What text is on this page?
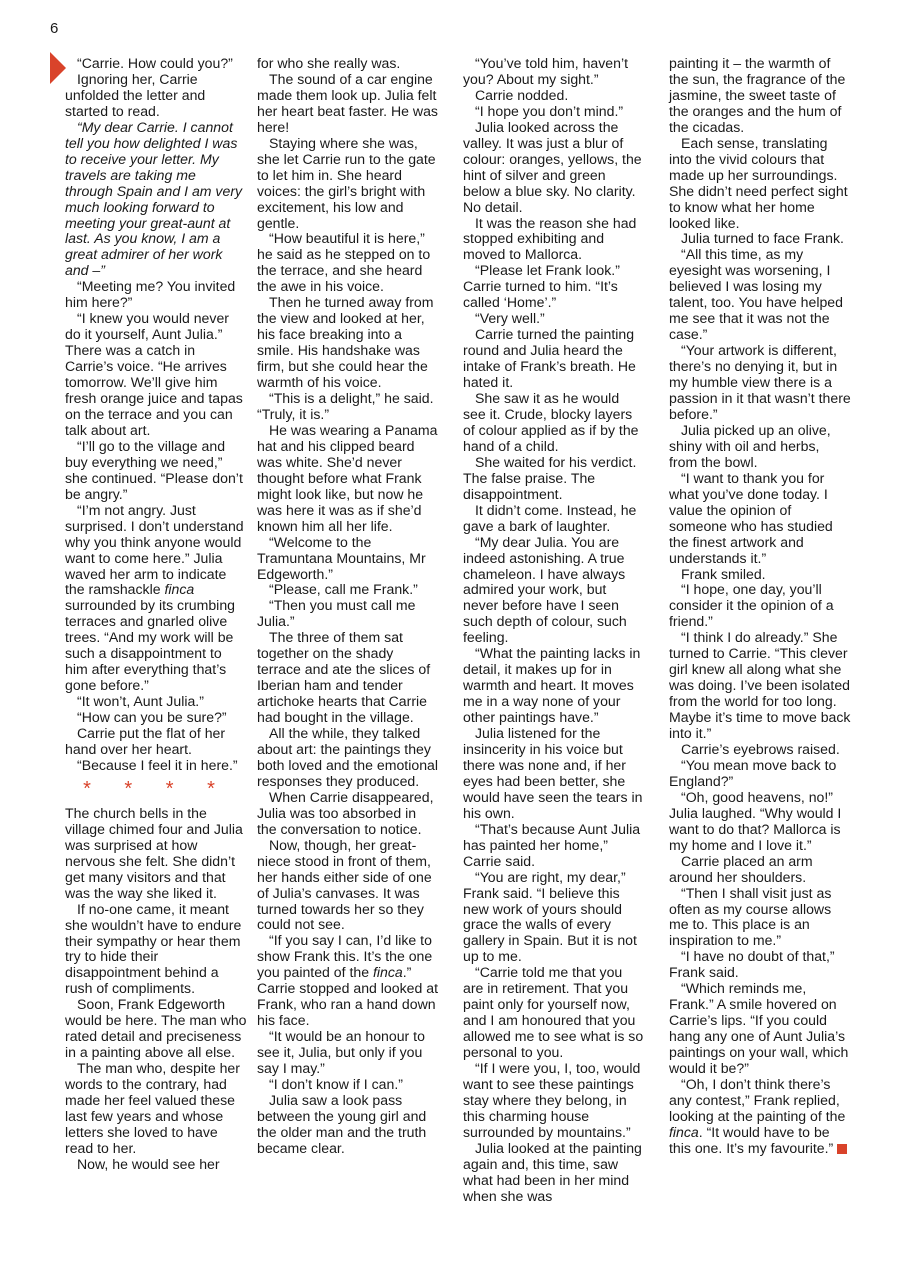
6

“Carrie. How could you?”

Ignoring her, Carrie unfolded the letter and started to read.

“My dear Carrie. I cannot tell you how delighted I was to receive your letter. My travels are taking me through Spain and I am very much looking forward to meeting your great-aunt at last. As you know, I am a great admirer of her work and –”

“Meeting me? You invited him here?”

“I knew you would never do it yourself, Aunt Julia.” There was a catch in Carrie’s voice. “He arrives tomorrow. We’ll give him fresh orange juice and tapas on the terrace and you can talk about art.

“I’ll go to the village and buy everything we need,” she continued. “Please don’t be angry.”

“I’m not angry. Just surprised. I don’t understand why you think anyone would want to come here.” Julia waved her arm to indicate the ramshackle finca surrounded by its crumbing terraces and gnarled olive trees. “And my work will be such a disappointment to him after everything that’s gone before.”

“It won’t, Aunt Julia.”

“How can you be sure?”

Carrie put the flat of her hand over her heart.

“Because I feel it in here.”

* * * *

The church bells in the village chimed four and Julia was surprised at how nervous she felt. She didn’t get many visitors and that was the way she liked it.

If no-one came, it meant she wouldn’t have to endure their sympathy or hear them try to hide their disappointment behind a rush of compliments.

Soon, Frank Edgeworth would be here. The man who rated detail and preciseness in a painting above all else.

The man who, despite her words to the contrary, had made her feel valued these last few years and whose letters she loved to have read to her.

Now, he would see her

for who she really was.

The sound of a car engine made them look up. Julia felt her heart beat faster. He was here!

Staying where she was, she let Carrie run to the gate to let him in. She heard voices: the girl’s bright with excitement, his low and gentle.

“How beautiful it is here,” he said as he stepped on to the terrace, and she heard the awe in his voice.

Then he turned away from the view and looked at her, his face breaking into a smile. His handshake was firm, but she could hear the warmth of his voice.

“This is a delight,” he said. “Truly, it is.”

He was wearing a Panama hat and his clipped beard was white. She’d never thought before what Frank might look like, but now he was here it was as if she’d known him all her life.

“Welcome to the Tramuntana Mountains, Mr Edgeworth.”

“Please, call me Frank.”

“Then you must call me Julia.”

The three of them sat together on the shady terrace and ate the slices of Iberian ham and tender artichoke hearts that Carrie had bought in the village.

All the while, they talked about art: the paintings they both loved and the emotional responses they produced.

When Carrie disappeared, Julia was too absorbed in the conversation to notice.

Now, though, her great-niece stood in front of them, her hands either side of one of Julia’s canvases. It was turned towards her so they could not see.

“If you say I can, I’d like to show Frank this. It’s the one you painted of the finca.” Carrie stopped and looked at Frank, who ran a hand down his face.

“It would be an honour to see it, Julia, but only if you say I may.”

“I don’t know if I can.”

Julia saw a look pass between the young girl and the older man and the truth became clear.

“You’ve told him, haven’t you? About my sight.”

Carrie nodded.

“I hope you don’t mind.”

Julia looked across the valley. It was just a blur of colour: oranges, yellows, the hint of silver and green below a blue sky. No clarity. No detail.

It was the reason she had stopped exhibiting and moved to Mallorca.

“Please let Frank look.” Carrie turned to him. “It’s called ‘Home’.”

“Very well.”

Carrie turned the painting round and Julia heard the intake of Frank’s breath. He hated it.

She saw it as he would see it. Crude, blocky layers of colour applied as if by the hand of a child.

She waited for his verdict. The false praise. The disappointment.

It didn’t come. Instead, he gave a bark of laughter.

“My dear Julia. You are indeed astonishing. A true chameleon. I have always admired your work, but never before have I seen such depth of colour, such feeling.

“What the painting lacks in detail, it makes up for in warmth and heart. It moves me in a way none of your other paintings have.”

Julia listened for the insincerity in his voice but there was none and, if her eyes had been better, she would have seen the tears in his own.

“That’s because Aunt Julia has painted her home,” Carrie said.

“You are right, my dear,” Frank said. “I believe this new work of yours should grace the walls of every gallery in Spain. But it is not up to me.

“Carrie told me that you are in retirement. That you paint only for yourself now, and I am honoured that you allowed me to see what is so personal to you.

“If I were you, I, too, would want to see these paintings stay where they belong, in this charming house surrounded by mountains.”

Julia looked at the painting again and, this time, saw what had been in her mind when she was

painting it – the warmth of the sun, the fragrance of the jasmine, the sweet taste of the oranges and the hum of the cicadas.

Each sense, translating into the vivid colours that made up her surroundings. She didn’t need perfect sight to know what her home looked like.

Julia turned to face Frank.

“All this time, as my eyesight was worsening, I believed I was losing my talent, too. You have helped me see that it was not the case.”

“Your artwork is different, there’s no denying it, but in my humble view there is a passion in it that wasn’t there before.”

Julia picked up an olive, shiny with oil and herbs, from the bowl.

“I want to thank you for what you’ve done today. I value the opinion of someone who has studied the finest artwork and understands it.”

Frank smiled.

“I hope, one day, you’ll consider it the opinion of a friend.”

“I think I do already.” She turned to Carrie. “This clever girl knew all along what she was doing. I’ve been isolated from the world for too long. Maybe it’s time to move back into it.”

Carrie’s eyebrows raised.

“You mean move back to England?”

“Oh, good heavens, no!” Julia laughed. “Why would I want to do that? Mallorca is my home and I love it.”

Carrie placed an arm around her shoulders.

“Then I shall visit just as often as my course allows me to. This place is an inspiration to me.”

“I have no doubt of that,” Frank said.

“Which reminds me, Frank.” A smile hovered on Carrie’s lips. “If you could hang any one of Aunt Julia’s paintings on your wall, which would it be?”

“Oh, I don’t think there’s any contest,” Frank replied, looking at the painting of the finca. “It would have to be this one. It’s my favourite.”
